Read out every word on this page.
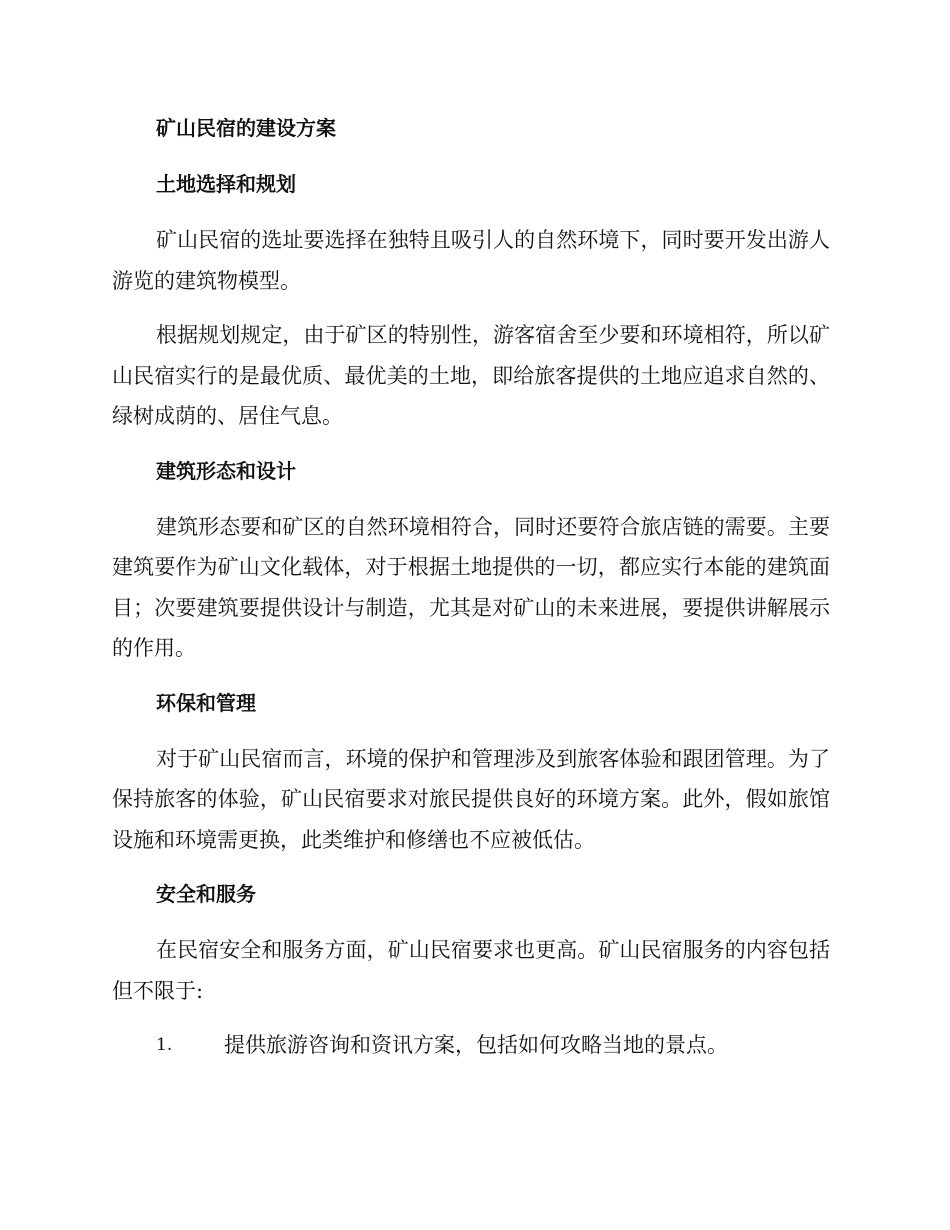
矿山民宿的建设方案
土地选择和规划

矿山民宿的选址要选择在独特且吸引人的自然环境下，同时要开发出游人游览的建筑物模型。

根据规划规定，由于矿区的特别性，游客宿舍至少要和环境相符，所以矿山民宿实行的是最优质、最优美的土地，即给旅客提供的土地应追求自然的、绿树成荫的、居住气息。

建筑形态和设计

建筑形态要和矿区的自然环境相符合，同时还要符合旅店链的需要。主要建筑要作为矿山文化载体，对于根据土地提供的一切，都应实行本能的建筑面目；次要建筑要提供设计与制造，尤其是对矿山的未来进展，要提供讲解展示的作用。

环保和管理

对于矿山民宿而言，环境的保护和管理涉及到旅客体验和跟团管理。为了保持旅客的体验，矿山民宿要求对旅民提供良好的环境方案。此外，假如旅馆设施和环境需更换，此类维护和修缮也不应被低估。

安全和服务

在民宿安全和服务方面，矿山民宿要求也更高。矿山民宿服务的内容包括但不限于:

1.	提供旅游咨询和资讯方案，包括如何攻略当地的景点。
